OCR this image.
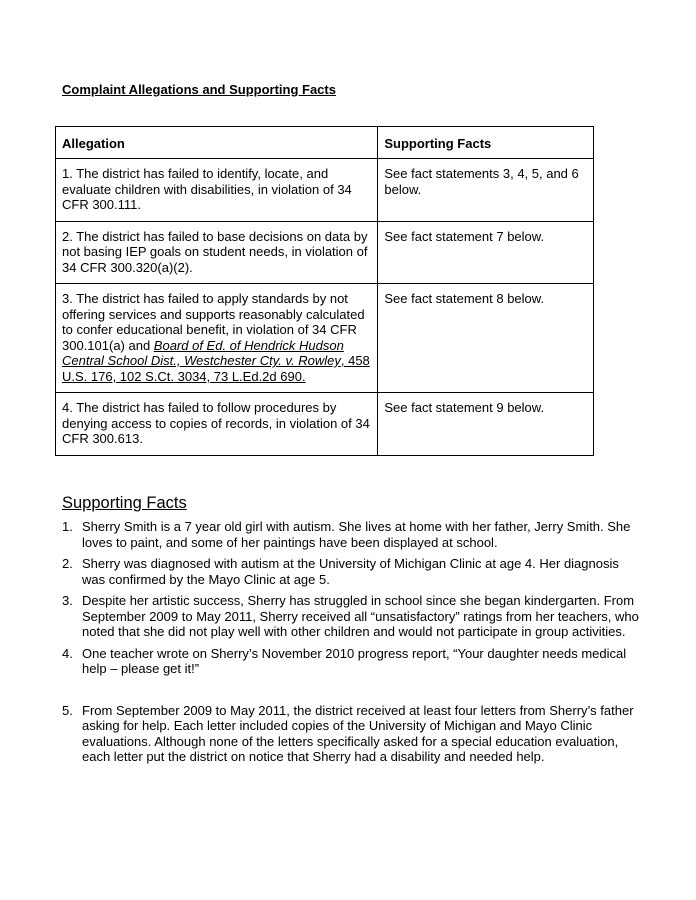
Complaint Allegations and Supporting Facts
Allegation	Supporting Facts
1. The district has failed to identify, locate, and evaluate children with disabilities, in violation of 34 CFR 300.111.	See fact statements 3, 4, 5, and 6 below.
2. The district has failed to base decisions on data by not basing IEP goals on student needs, in violation of 34 CFR 300.320(a)(2).	See fact statement 7 below.
3. The district has failed to apply standards by not offering services and supports reasonably calculated to confer educational benefit, in violation of 34 CFR 300.101(a) and Board of Ed. of Hendrick Hudson Central School Dist., Westchester Cty. v. Rowley, 458 U.S. 176, 102 S.Ct. 3034, 73 L.Ed.2d 690.	See fact statement 8 below.
4. The district has failed to follow procedures by denying access to copies of records, in violation of 34 CFR 300.613.	See fact statement 9 below.
Supporting Facts
1. Sherry Smith is a 7 year old girl with autism. She lives at home with her father, Jerry Smith. She loves to paint, and some of her paintings have been displayed at school.
2. Sherry was diagnosed with autism at the University of Michigan Clinic at age 4. Her diagnosis was confirmed by the Mayo Clinic at age 5.
3. Despite her artistic success, Sherry has struggled in school since she began kindergarten. From September 2009 to May 2011, Sherry received all “unsatisfactory” ratings from her teachers, who noted that she did not play well with other children and would not participate in group activities.
4. One teacher wrote on Sherry’s November 2010 progress report, “Your daughter needs medical help – please get it!”
5. From September 2009 to May 2011, the district received at least four letters from Sherry’s father asking for help. Each letter included copies of the University of Michigan and Mayo Clinic evaluations. Although none of the letters specifically asked for a special education evaluation, each letter put the district on notice that Sherry had a disability and needed help.
